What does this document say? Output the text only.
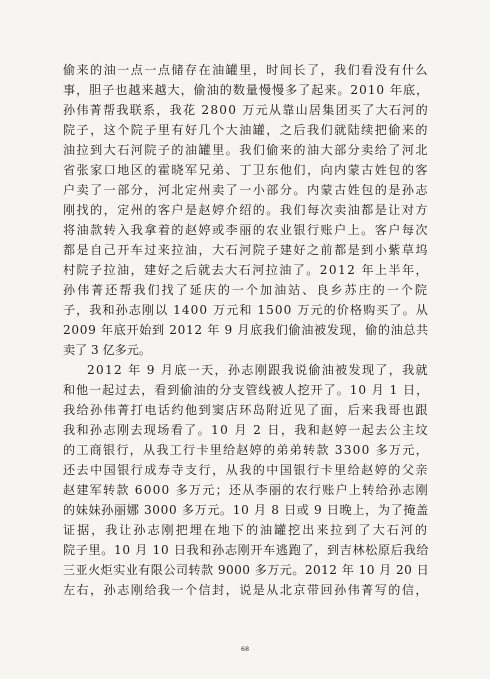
偷来的油一点一点储存在油罐里，时间长了，我们看没有什么
事，胆子也越来越大，偷油的数量慢慢多了起来。2010 年底，
孙伟菁帮我联系，我花 2800 万元从靠山居集团买了大石河的
院子，这个院子里有好几个大油罐，之后我们就陆续把偷来的
油拉到大石河院子的油罐里。我们偷来的油大部分卖给了河北
省张家口地区的霍晓军兄弟、丁卫东他们，向内蒙古姓包的客
户卖了一部分，河北定州卖了一小部分。内蒙古姓包的是孙志
刚找的，定州的客户是赵婷介绍的。我们每次卖油都是让对方
将油款转入我拿着的赵婷或李丽的农业银行账户上。客户每次
都是自己开车过来拉油，大石河院子建好之前都是到小紫草坞
村院子拉油，建好之后就去大石河拉油了。2012 年上半年，
孙伟菁还帮我们找了延庆的一个加油站、良乡苏庄的一个院
子，我和孙志刚以 1400 万元和 1500 万元的价格购买了。从
2009 年底开始到 2012 年 9 月底我们偷油被发现，偷的油总共
卖了 3 亿多元。
2012 年 9 月底一天，孙志刚跟我说偷油被发现了，我就
和他一起过去，看到偷油的分支管线被人挖开了。10 月 1 日，
我给孙伟菁打电话约他到窦店环岛附近见了面，后来我哥也跟
我和孙志刚去现场看了。10 月 2 日，我和赵婷一起去公主坟
的工商银行，从我工行卡里给赵婷的弟弟转款 3300 多万元，
还去中国银行成寿寺支行，从我的中国银行卡里给赵婷的父亲
赵建军转款 6000 多万元；还从李丽的农行账户上转给孙志刚
的妹妹孙丽娜 3000 多万元。10 月 8 日或 9 日晚上，为了掩盖
证据，我让孙志刚把埋在地下的油罐挖出来拉到了大石河的
院子里。10 月 10 日我和孙志刚开车逃跑了，到吉林松原后我给
三亚火炬实业有限公司转款 9000 多万元。2012 年 10 月 20 日
左右，孙志刚给我一个信封，说是从北京带回孙伟菁写的信，
68
